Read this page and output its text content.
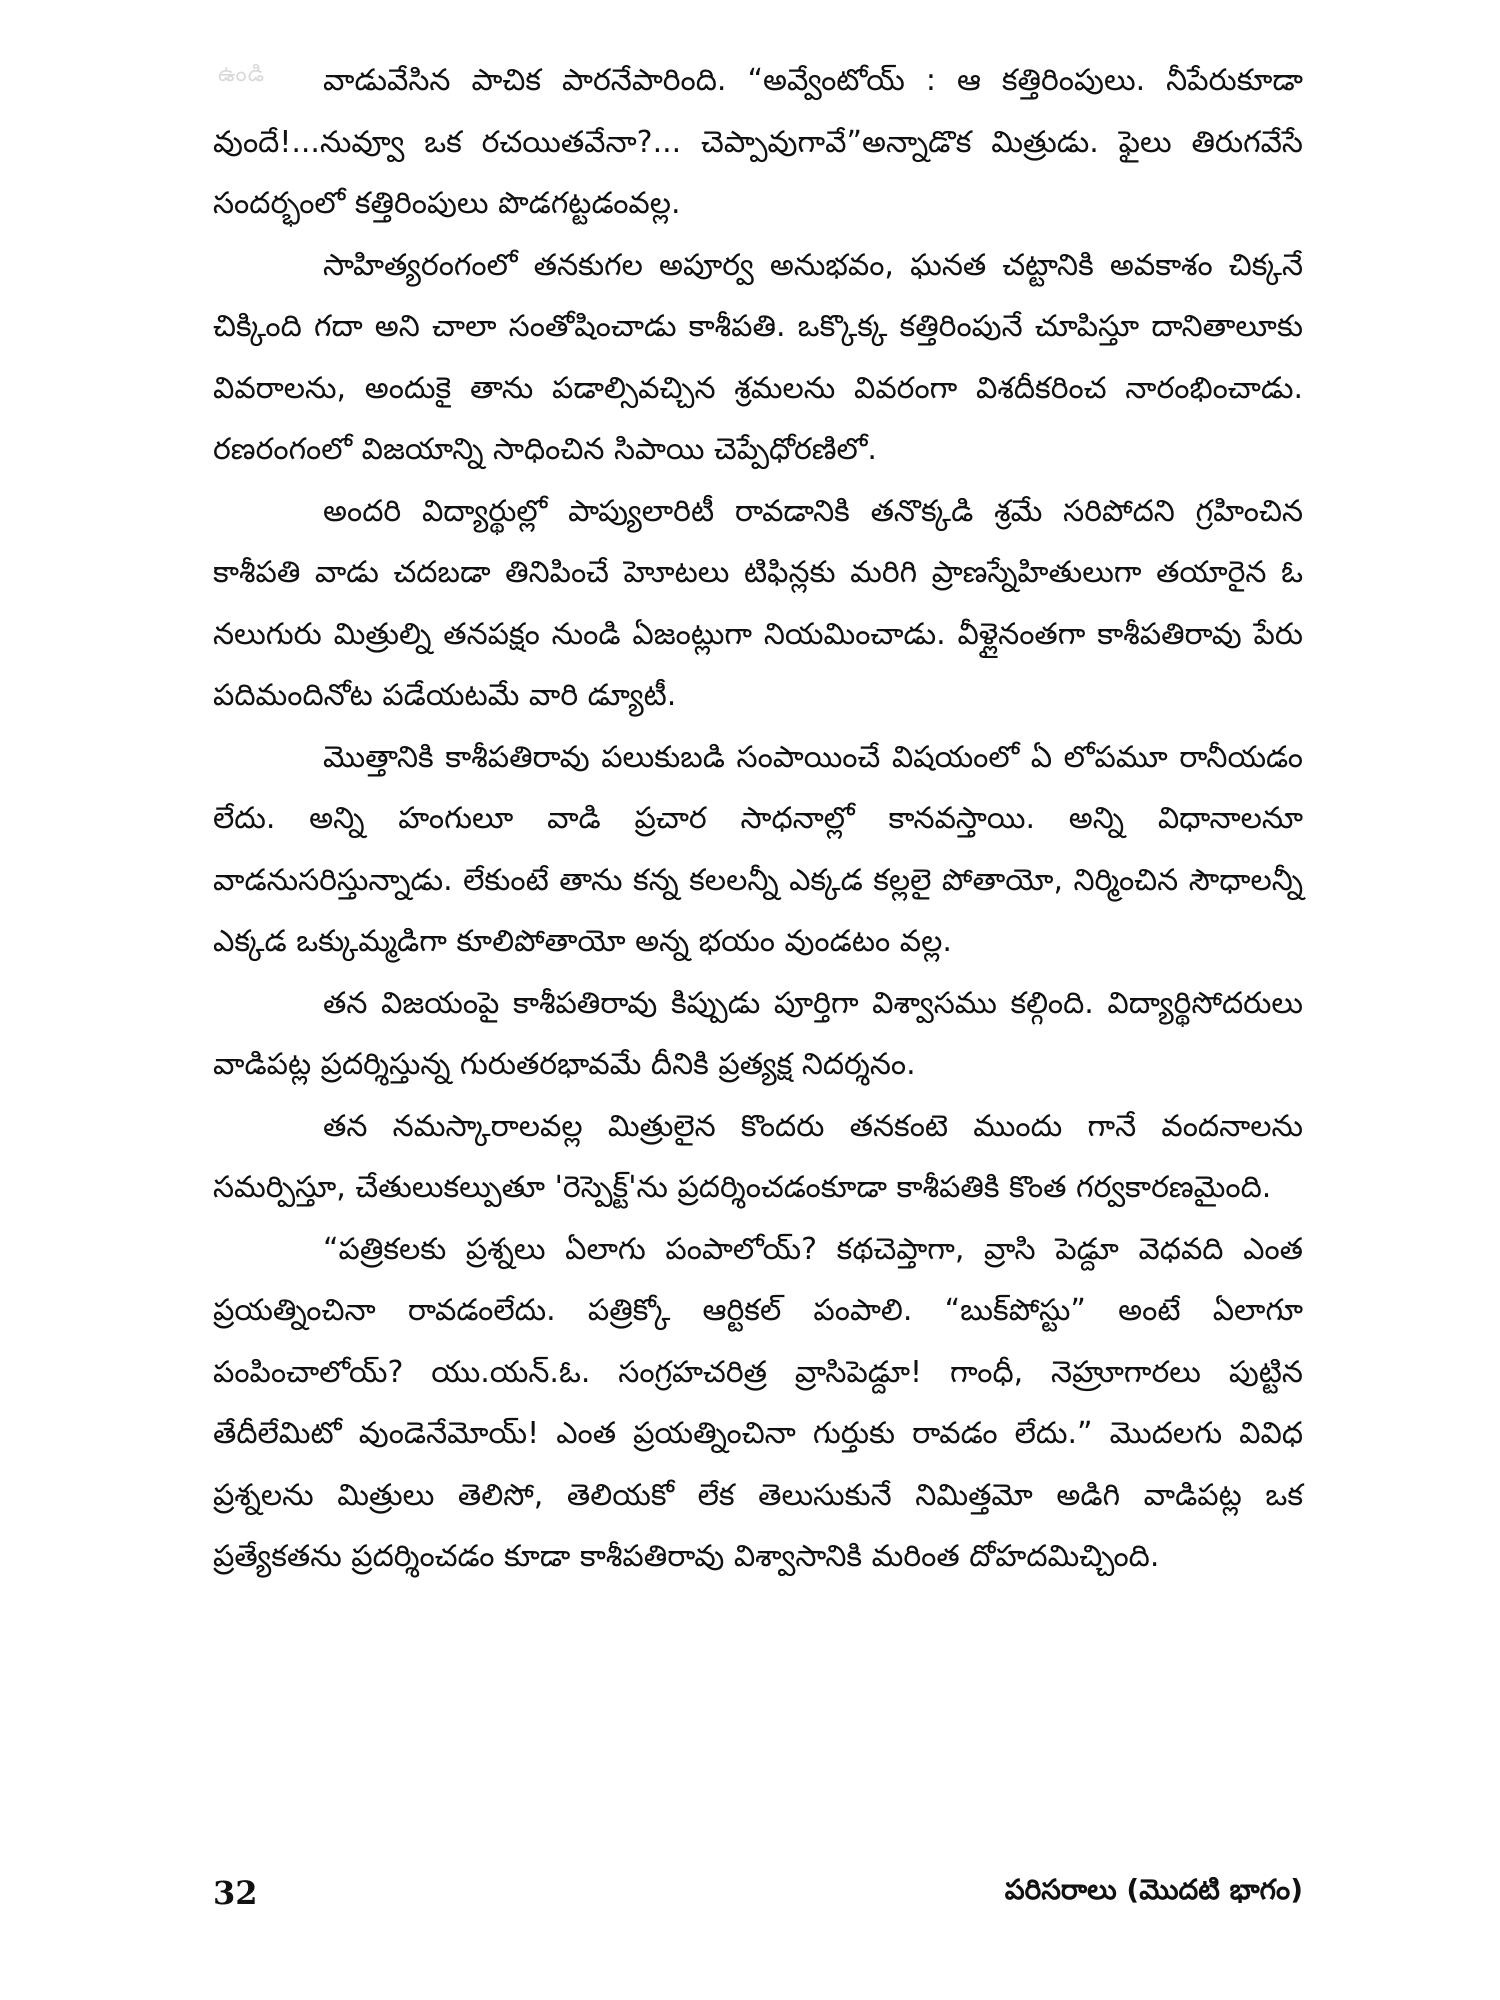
ఉండి	వాడువేసిన పాచిక పారనేపారింది. “అవ్వేంటోయ్ : ఆ కత్తిరింపులు. నీపేరుకూడా వుందే!...నువ్వూ ఒక రచయితవేనా?... చెప్పావుగావే”అన్నాడొక మిత్రుడు. ఫైలు తిరుగవేసే సందర్భంలో కత్తిరింపులు పొడగట్టడంవల్ల.

సాహిత్యరంగంలో తనకుగల అపూర్వ అనుభవం, ఘనత చట్టానికి అవకాశం చిక్కనే చిక్కింది గదా అని చాలా సంతోషించాడు కాశీపతి. ఒక్కొక్క కత్తిరింపునే చూపిస్తూ దానితాలూకు వివరాలను, అందుకై తాను పడాల్సివచ్చిన శ్రమలను వివరంగా విశదీకరించ నారంభించాడు. రణరంగంలో విజయాన్ని సాధించిన సిపాయి చెప్పేధోరణిలో.

అందరి విద్యార్థుల్లో పాప్యులారిటీ రావడానికి తనొక్కడి శ్రమే సరిపోదని గ్రహించిన కాశీపతి వాడు చదబడా తినిపించే హెూటలు టిఫిన్లకు మరిగి ప్రాణస్నేహితులుగా తయారైన ఓ నలుగురు మిత్రుల్ని తనపక్షం నుండి ఏజంట్లుగా నియమించాడు. వీళ్లైనంతగా కాశీపతిరావు పేరు పదిమందినోట పడేయటమే వారి డ్యూటీ.

మొత్తానికి కాశీపతిరావు పలుకుబడి సంపాయించే విషయంలో ఏ లోపమూ రానీయడం లేదు. అన్ని హంగులూ వాడి ప్రచార సాధనాల్లో కానవస్తాయి. అన్ని విధానాలనూ వాడనుసరిస్తున్నాడు. లేకుంటే తాను కన్న కలలన్నీ ఎక్కడ కల్లలై పోతాయో, నిర్మించిన సౌధాలన్నీ ఎక్కడ ఒక్కుమ్మడిగా కూలిపోతాయో అన్న భయం వుండటం వల్ల.

తన విజయంపై కాశీపతిరావు కిప్పుడు పూర్తిగా విశ్వాసము కల్గింది. విద్యార్థిసోదరులు వాడిపట్ల ప్రదర్శిస్తున్న గురుతరభావమే దీనికి ప్రత్యక్ష నిదర్శనం.

తన నమస్కారాలవల్ల మిత్రులైన కొందరు తనకంటె ముందు గానే వందనాలను సమర్పిస్తూ, చేతులుకల్పుతూ 'రెస్పెక్ట్'ను ప్రదర్శించడంకూడా కాశీపతికి కొంత గర్వకారణమైంది.

“పత్రికలకు ప్రశ్నలు ఏలాగు పంపాలోయ్? కథచెప్తాగా, వ్రాసి పెడ్దూ వెధవది ఎంత ప్రయత్నించినా రావడంలేదు. పత్రిక్కో ఆర్టికల్ పంపాలి. “బుక్‌పోస్టు” అంటే ఏలాగూ పంపించాలోయ్? యు.యన్.ఓ. సంగ్రహచరిత్ర వ్రాసిపెడ్దూ! గాంధీ, నెహ్రూగారలు పుట్టిన తేదీలేమిటో వుండెనేమోయ్! ఎంత ప్రయత్నించినా గుర్తుకు రావడం లేదు.” మొదలగు వివిధ ప్రశ్నలను మిత్రులు తెలిసో, తెలియకో లేక తెలుసుకునే నిమిత్తమో అడిగి వాడిపట్ల ఒక ప్రత్యేకతను ప్రదర్శించడం కూడా కాశీపతిరావు విశ్వాసానికి మరింత దోహదమిచ్చింది.

32	పరిసరాలు (మొదటి భాగం)
